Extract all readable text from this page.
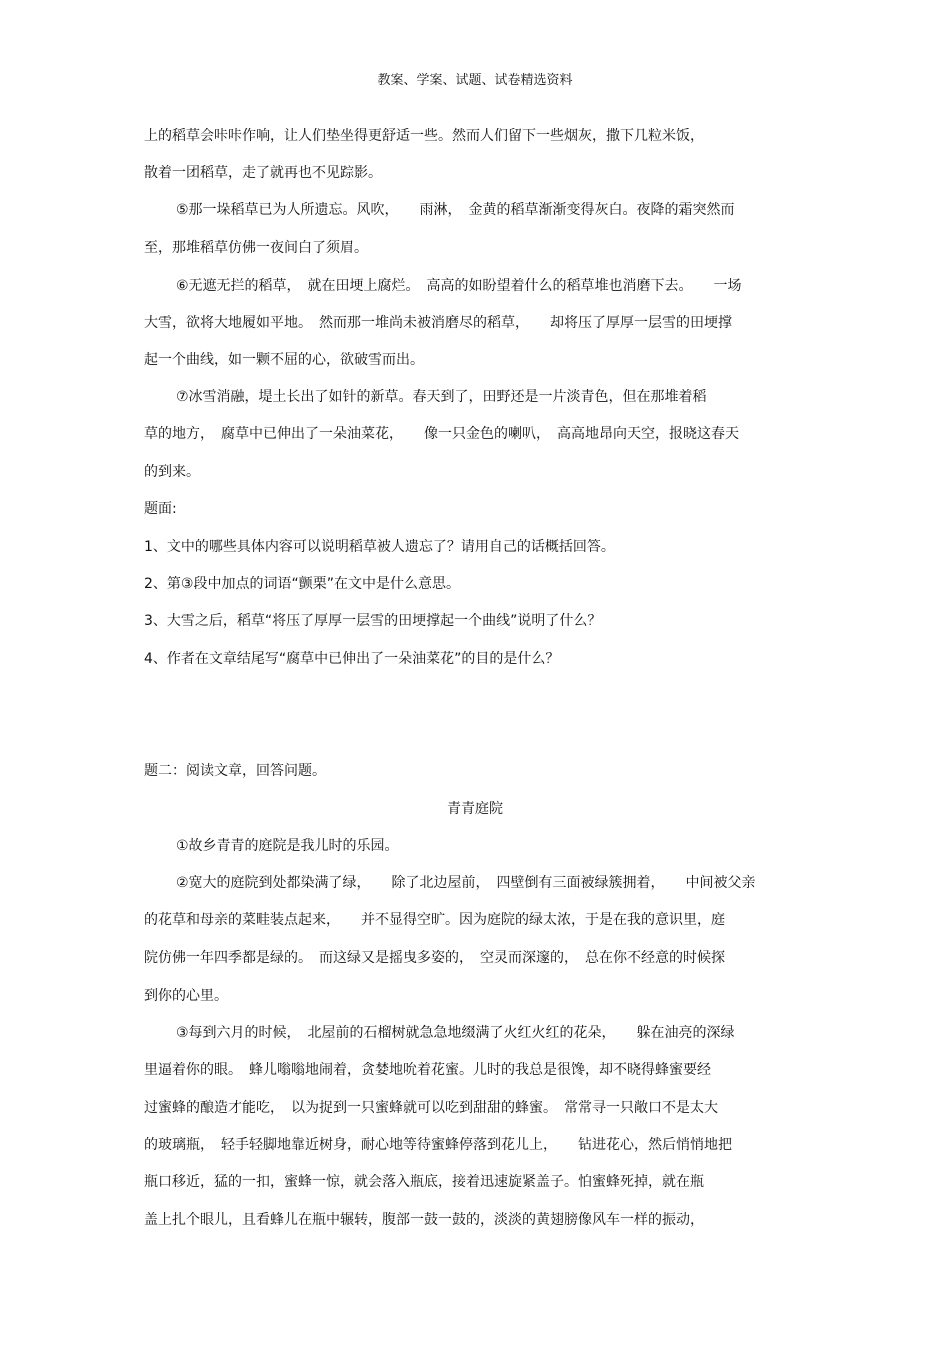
教案、学案、试题、试卷精选资料
上的稻草会咔咔作响，让人们垫坐得更舒适一些。然而人们留下一些烟灰，撒下几粒米饭，
散着一团稻草，走了就再也不见踪影。
⑤那一垛稻草已为人所遗忘。风吹，　　雨淋，　金黄的稻草渐渐变得灰白。夜降的霜突然而
至，那堆稻草仿佛一夜间白了须眉。
⑥无遮无拦的稻草，　就在田埂上腐烂。　高高的如盼望着什么的稻草堆也消磨下去。　　一场
大雪，欲将大地履如平地。　然而那一堆尚未被消磨尽的稻草，　　却将压了厚厚一层雪的田埂撑
起一个曲线，如一颗不屈的心，欲破雪而出。
⑦冰雪消融，堤土长出了如针的新草。春天到了，田野还是一片淡青色，但在那堆着稻
草的地方，　腐草中已伸出了一朵油菜花，　　像一只金色的喇叭，　高高地昂向天空，报晓这春天
的到来。
题面:
1、文中的哪些具体内容可以说明稻草被人遗忘了？请用自己的话概括回答。
2、第③段中加点的词语“颤栗”在文中是什么意思。
3、大雪之后，稻草“将压了厚厚一层雪的田埂撑起一个曲线”说明了什么？
4、作者在文章结尾写“腐草中已伸出了一朵油菜花”的目的是什么？
题二：阅读文章，回答问题。
青青庭院
①故乡青青的庭院是我儿时的乐园。
②宽大的庭院到处都染满了绿，　　除了北边屋前，　四壁倒有三面被绿簇拥着，　　中间被父亲
的花草和母亲的菜畦装点起来，　　并不显得空旷。因为庭院的绿太浓，于是在我的意识里，庭
院仿佛一年四季都是绿的。　而这绿又是摇曳多姿的，　空灵而深邃的，　总在你不经意的时候探
到你的心里。
③每到六月的时候，　北屋前的石榴树就急急地缀满了火红火红的花朵，　　躲在油亮的深绿
里逼着你的眼。　蜂儿嗡嗡地闹着，贪婪地吮着花蜜。儿时的我总是很馋，却不晓得蜂蜜要经
过蜜蜂的酿造才能吃，　以为捉到一只蜜蜂就可以吃到甜甜的蜂蜜。　常常寻一只敞口不是太大
的玻璃瓶，　轻手轻脚地靠近树身，耐心地等待蜜蜂停落到花儿上，　　钻进花心，然后悄悄地把
瓶口移近，猛的一扣，蜜蜂一惊，就会落入瓶底，接着迅速旋紧盖子。怕蜜蜂死掉，就在瓶
盖上扎个眼儿，且看蜂儿在瓶中辗转，腹部一鼓一鼓的，淡淡的黄翅膀像风车一样的振动，
